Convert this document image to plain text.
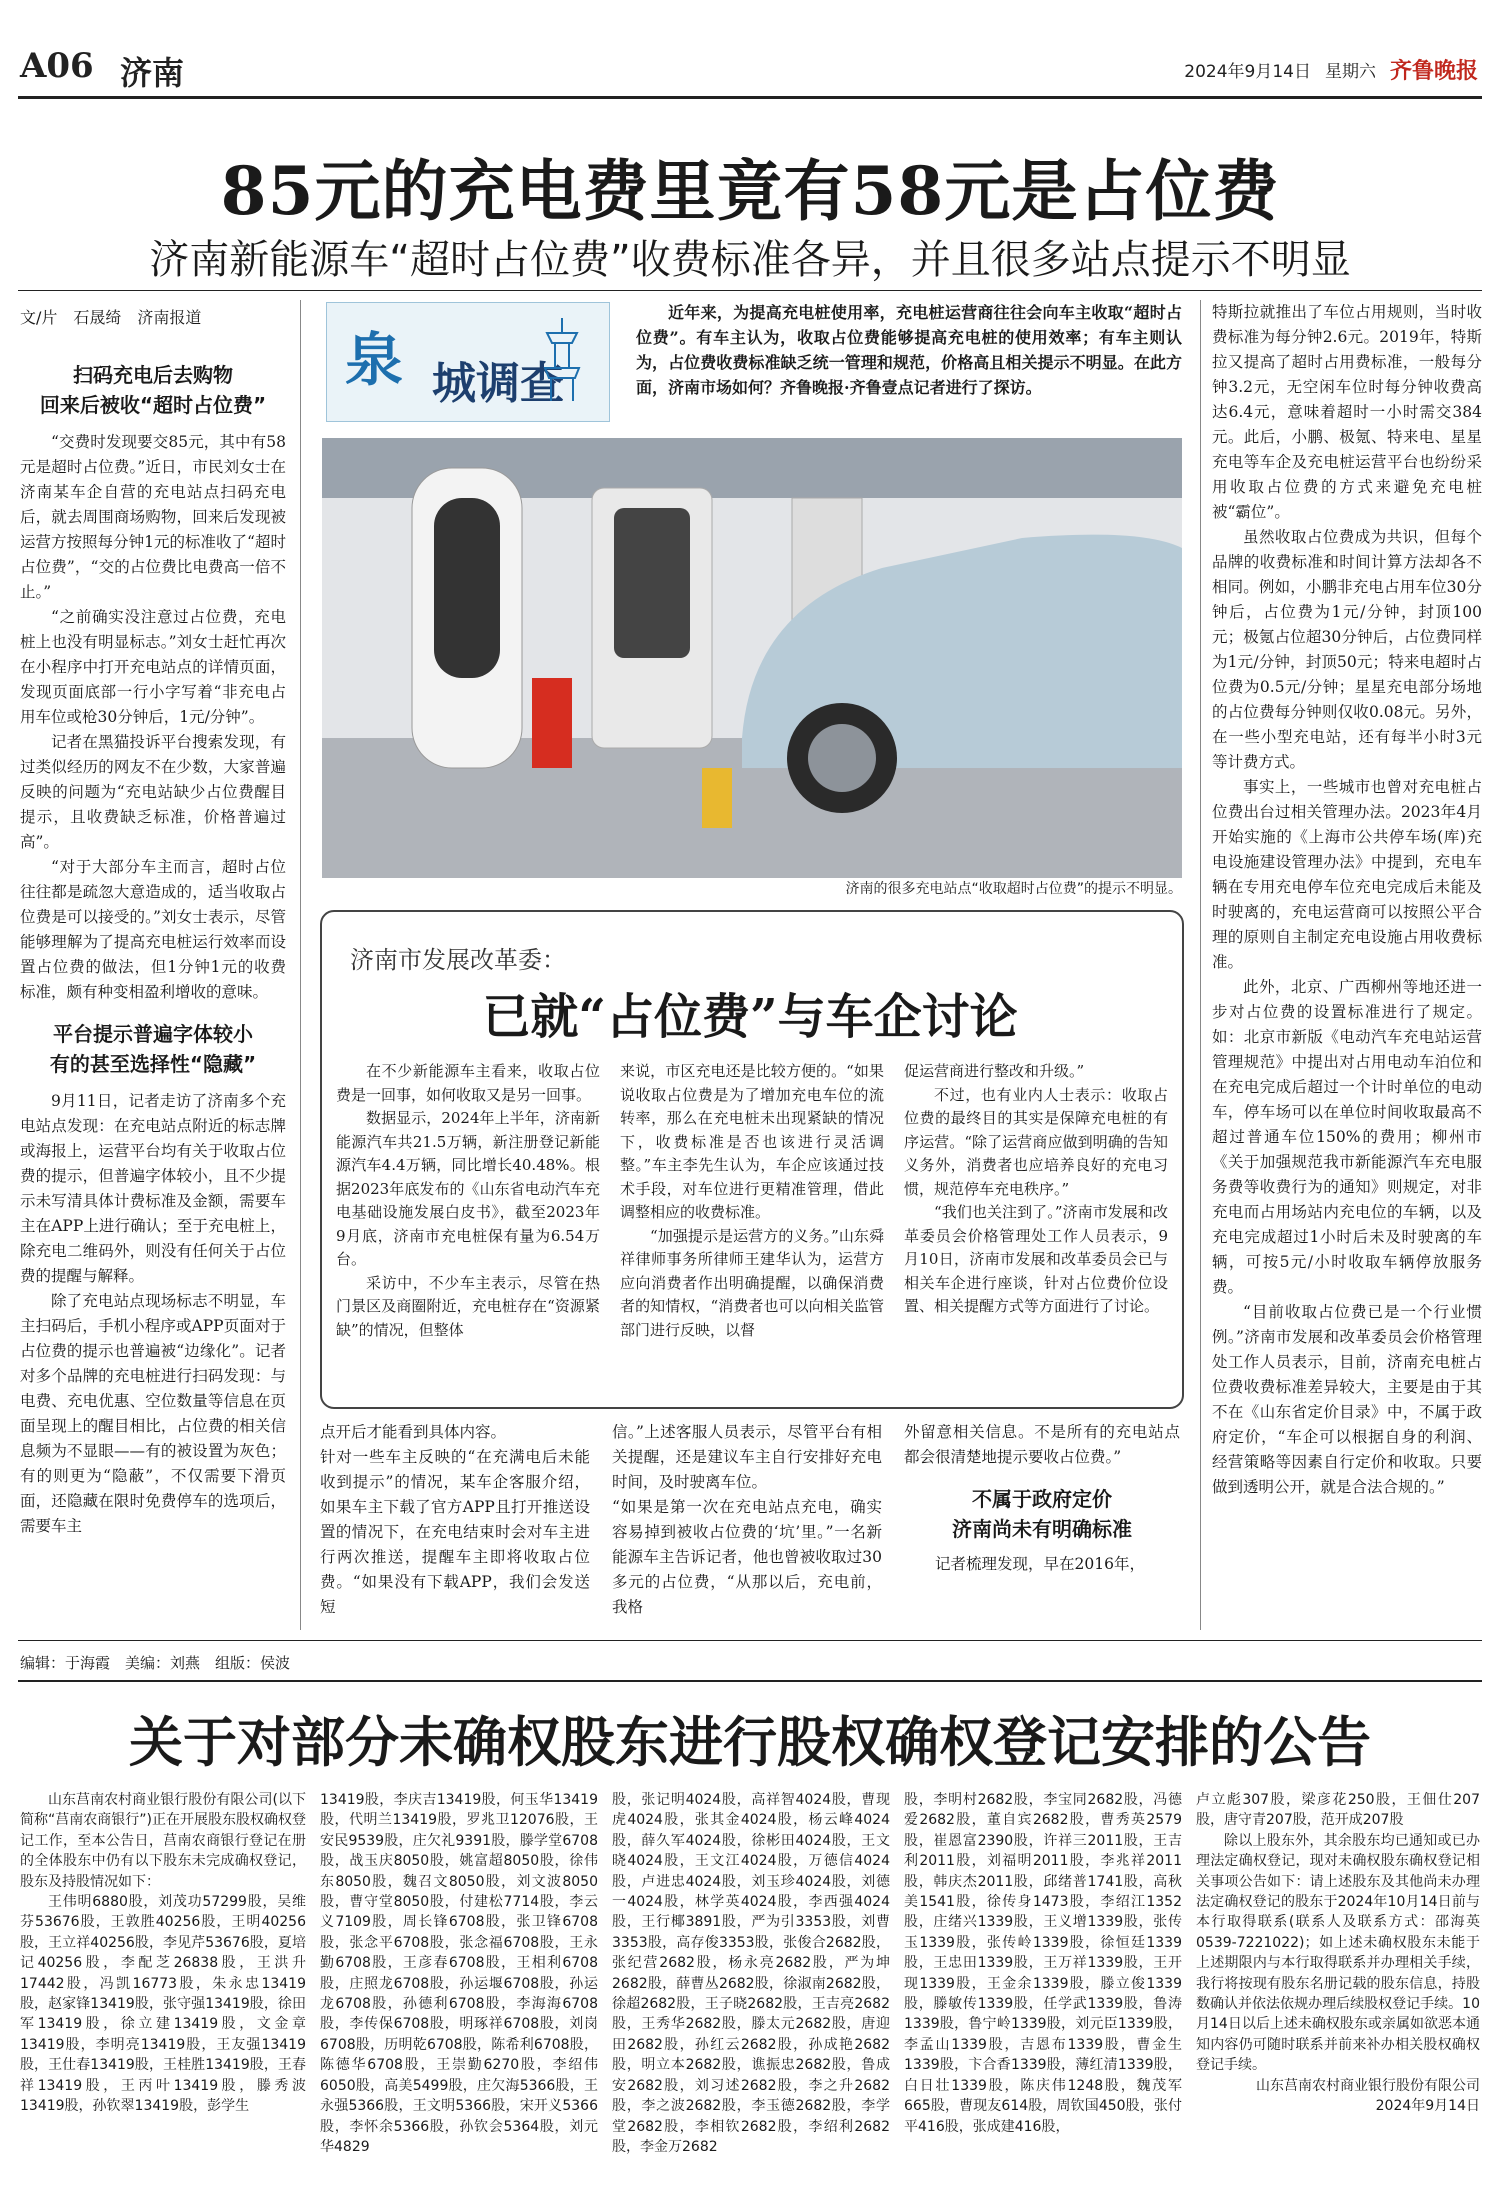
A06 济南	2024年9月14日 星期六 齐鲁晚报
85元的充电费里竟有58元是占位费
济南新能源车“超时占位费”收费标准各异，并且很多站点提示不明显
文/片　石晟绮　济南报道
扫码充电后去购物
回来后被收“超时占位费”

“交费时发现要交85元，其中有58元是超时占位费。”近日，市民刘女士在济南某车企自营的充电站点扫码充电后，就去周围商场购物，回来后发现被运营方按照每分钟1元的标准收了“超时占位费”，“交的占位费比电费高一倍不止。”

“之前确实没注意过占位费，充电桩上也没有明显标志。”刘女士赶忙再次在小程序中打开充电站点的详情页面，发现页面底部一行小字写着“非充电占用车位或枪30分钟后，1元/分钟”。

记者在黑猫投诉平台搜索发现，有过类似经历的网友不在少数，大家普遍反映的问题为“充电站缺少占位费醒目提示，且收费缺乏标准，价格普遍过高”。

“对于大部分车主而言，超时占位往往都是疏忽大意造成的，适当收取占位费是可以接受的。”刘女士表示，尽管能够理解为了提高充电桩运行效率而设置占位费的做法，但1分钟1元的收费标准，颇有种变相盈利增收的意味。

平台提示普遍字体较小
有的甚至选择性“隐藏”

9月11日，记者走访了济南多个充电站点发现：在充电站点附近的标志牌或海报上，运营平台均有关于收取占位费的提示，但普遍字体较小，且不少提示未写清具体计费标准及金额，需要车主在APP上进行确认；至于充电桩上，除充电二维码外，则没有任何关于占位费的提醒与解释。

除了充电站点现场标志不明显，车主扫码后，手机小程序或APP页面对于占位费的提示也普遍被“边缘化”。记者对多个品牌的充电桩进行扫码发现：与电费、充电优惠、空位数量等信息在页面呈现上的醒目相比，占位费的相关信息频为不显眼——有的被设置为灰色；有的则更为“隐蔽”，不仅需要下滑页面，还隐藏在限时免费停车的选项后，需要车主

泉 城调查

近年来，为提高充电桩使用率，充电桩运营商往往会向车主收取“超时占位费”。有车主认为，收取占位费能够提高充电桩的使用效率；有车主则认为，占位费收费标准缺乏统一管理和规范，价格高且相关提示不明显。在此方面，济南市场如何？齐鲁晚报·齐鲁壹点记者进行了探访。

济南的很多充电站点“收取超时占位费”的提示不明显。

特斯拉就推出了车位占用规则，当时收费标准为每分钟2.6元。2019年，特斯拉又提高了超时占用费标准，一般每分钟3.2元，无空闲车位时每分钟收费高达6.4元，意味着超时一小时需交384元。此后，小鹏、极氪、特来电、星星充电等车企及充电桩运营平台也纷纷采用收取占位费的方式来避免充电桩被“霸位”。

虽然收取占位费成为共识，但每个品牌的收费标准和时间计算方法却各不相同。例如，小鹏非充电占用车位30分钟后，占位费为1元/分钟，封顶100元；极氪占位超30分钟后，占位费同样为1元/分钟，封顶50元；特来电超时占位费为0.5元/分钟；星星充电部分场地的占位费每分钟则仅收0.08元。另外，在一些小型充电站，还有每半小时3元等计费方式。

事实上，一些城市也曾对充电桩占位费出台过相关管理办法。2023年4月开始实施的《上海市公共停车场(库)充电设施建设管理办法》中提到，充电车辆在专用充电停车位充电完成后未能及时驶离的，充电运营商可以按照公平合理的原则自主制定充电设施占用收费标准。

此外，北京、广西柳州等地还进一步对占位费的设置标准进行了规定。如：北京市新版《电动汽车充电站运营管理规范》中提出对占用电动车泊位和在充电完成后超过一个计时单位的电动车，停车场可以在单位时间收取最高不超过普通车位150%的费用；柳州市《关于加强规范我市新能源汽车充电服务费等收费行为的通知》则规定，对非充电而占用场站内充电位的车辆，以及充电完成超过1小时后未及时驶离的车辆，可按5元/小时收取车辆停放服务费。

“目前收取占位费已是一个行业惯例。”济南市发展和改革委员会价格管理处工作人员表示，目前，济南充电桩占位费收费标准差异较大，主要是由于其不在《山东省定价目录》中，不属于政府定价，“车企可以根据自身的利润、经营策略等因素自行定价和收取。只要做到透明公开，就是合法合规的。”

济南市发展改革委：
已就“占位费”与车企讨论

在不少新能源车主看来，收取占位费是一回事，如何收取又是另一回事。

数据显示，2024年上半年，济南新能源汽车共21.5万辆，新注册登记新能源汽车4.4万辆，同比增长40.48%。根据2023年底发布的《山东省电动汽车充电基础设施发展白皮书》，截至2023年9月底，济南市充电桩保有量为6.54万台。

采访中，不少车主表示，尽管在热门景区及商圈附近，充电桩存在“资源紧缺”的情况，但整体

来说，市区充电还是比较方便的。“如果说收取占位费是为了增加充电车位的流转率，那么在充电桩未出现紧缺的情况下，收费标准是否也该进行灵活调整。”车主李先生认为，车企应该通过技术手段，对车位进行更精准管理，借此调整相应的收费标准。

“加强提示是运营方的义务。”山东舜祥律师事务所律师王建华认为，运营方应向消费者作出明确提醒，以确保消费者的知情权，“消费者也可以向相关监管部门进行反映，以督

促运营商进行整改和升级。”

不过，也有业内人士表示：收取占位费的最终目的其实是保障充电桩的有序运营。“除了运营商应做到明确的告知义务外，消费者也应培养良好的充电习惯，规范停车充电秩序。”

“我们也关注到了。”济南市发展和改革委员会价格管理处工作人员表示，9月10日，济南市发展和改革委员会已与相关车企进行座谈，针对占位费价位设置、相关提醒方式等方面进行了讨论。

点开后才能看到具体内容。
针对一些车主反映的“在充满电后未能收到提示”的情况，某车企客服介绍，如果车主下载了官方APP且打开推送设置的情况下，在充电结束时会对车主进行两次推送，提醒车主即将收取占位费。“如果没有下载APP，我们会发送短
信。”上述客服人员表示，尽管平台有相关提醒，还是建议车主自行安排好充电时间，及时驶离车位。
“如果是第一次在充电站点充电，确实容易掉到被收占位费的‘坑’里。”一名新能源车主告诉记者，他也曾被收取过30多元的占位费，“从那以后，充电前，我格

外留意相关信息。不是所有的充电站点都会很清楚地提示要收占位费。”

不属于政府定价
济南尚未有明确标准

记者梳理发现，早在2016年，

编辑：于海霞　美编：刘燕　组版：侯波
关于对部分未确权股东进行股权确权登记安排的公告

山东莒南农村商业银行股份有限公司(以下简称“莒南农商银行”)正在开展股东股权确权登记工作，至本公告日，莒南农商银行登记在册的全体股东中仍有以下股东未完成确权登记，股东及持股情况如下：

王伟明6880股，刘茂功57299股，吴维芬53676股，王敦胜40256股，王明40256股，王立祥40256股，李见芹53676股，夏培记40256股，李配芝26838股，王洪升17442股，冯凯16773股，朱永忠13419股，赵家锋13419股，张守强13419股，徐田军13419股，徐立建13419股，文金章13419股，李明亮13419股，王友强13419股，王仕春13419股，王桂胜13419股，王春祥13419股，王丙叶13419股，滕秀波13419股，孙钦翠13419股，彭学生

13419股，李庆吉13419股，何玉华13419股，代明兰13419股，罗兆卫12076股，王安民9539股，庄欠礼9391股，滕学堂6708股，战玉庆8050股，姚富超8050股，徐伟东8050股，魏召文8050股，刘文波8050股，曹守堂8050股，付建松7714股，李云义7109股，周长锋6708股，张卫锋6708股，张念平6708股，张念福6708股，王永勤6708股，王彦春6708股，王相利6708股，庄照龙6708股，孙运堰6708股，孙运龙6708股，孙德利6708股，李海海6708股，李传保6708股，明琢祥6708股，刘岗6708股，历明乾6708股，陈希利6708股，陈德华6708股，王崇勤6270股，李绍伟6050股，高美5499股，庄欠海5366股，王永强5366股，王文明5366股，宋开义5366股，李怀余5366股，孙钦会5364股，刘元华4829

股，张记明4024股，高祥智4024股，曹现虎4024股，张其金4024股，杨云峰4024股，薛久军4024股，徐彬田4024股，王文晓4024股，王文江4024股，万德信4024股，卢进忠4024股，刘玉珍4024股，刘德一4024股，林学英4024股，李西强4024股，王行椰3891股，严为引3353股，刘曹3353股，高存俊3353股，张俊合2682股，张纪营2682股，杨永亮2682股，严为坤2682股，薛曹丛2682股，徐淑南2682股，徐超2682股，王子晓2682股，王吉亮2682股，王秀华2682股，滕太元2682股，唐迎田2682股，孙红云2682股，孙成艳2682股，明立本2682股，谯振忠2682股，鲁成安2682股，刘习述2682股，李之升2682股，李之波2682股，李玉德2682股，李学堂2682股，李相钦2682股，李绍利2682股，李金万2682

股，李明村2682股，李宝同2682股，冯德爱2682股，董自宾2682股，曹秀英2579股，崔恩富2390股，许祥三2011股，王吉利2011股，刘福明2011股，李兆祥2011股，韩庆杰2011股，邱绪普1741股，高秋美1541股，徐传身1473股，李绍江1352股，庄绪兴1339股，王义增1339股，张传玉1339股，张传岭1339股，徐恒廷1339股，王忠田1339股，王万祥1339股，王开现1339股，王金余1339股，滕立俊1339股，滕敏传1339股，任学武1339股，鲁涛1339股，鲁宁岭1339股，刘元臣1339股，李孟山1339股，吉恩布1339股，曹金生1339股，卞合香1339股，薄红清1339股，白日壮1339股，陈庆伟1248股，魏茂军665股，曹现友614股，周钦国450股，张付平416股，张成建416股，

卢立彪307股，梁彦花250股，王佃仕207股，唐守青207股，范开成207股

除以上股东外，其余股东均已通知或已办理法定确权登记，现对未确权股东确权登记相关事项公告如下：请上述股东及其他尚未办理法定确权登记的股东于2024年10月14日前与本行取得联系(联系人及联系方式：邵海英0539-7221022)；如上述未确权股东未能于上述期限内与本行取得联系并办理相关手续，我行将按现有股东名册记载的股东信息，持股数确认并依法依规办理后续股权登记手续。10月14日以后上述未确权股东或亲属如欲恶本通知内容仍可随时联系并前来补办相关股权确权登记手续。

山东莒南农村商业银行股份有限公司
2024年9月14日
